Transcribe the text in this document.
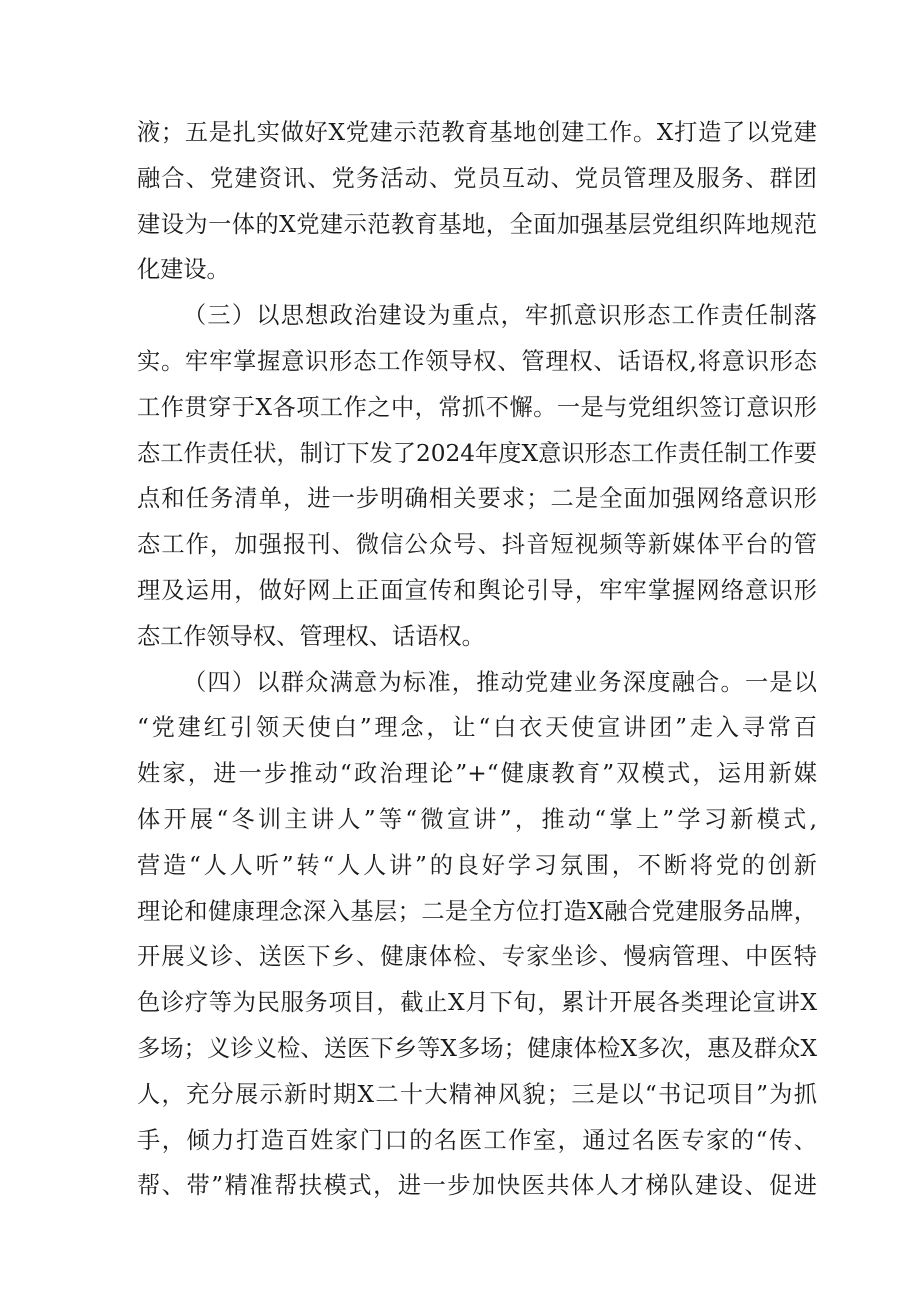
液；五是扎实做好X党建示范教育基地创建工作。X打造了以党建
融合、党建资讯、党务活动、党员互动、党员管理及服务、群团
建设为一体的X党建示范教育基地，全面加强基层党组织阵地规范
化建设。
（三）以思想政治建设为重点，牢抓意识形态工作责任制落
实。牢牢掌握意识形态工作领导权、管理权、话语权,将意识形态
工作贯穿于X各项工作之中，常抓不懈。一是与党组织签订意识形
态工作责任状，制订下发了2024年度X意识形态工作责任制工作要
点和任务清单，进一步明确相关要求；二是全面加强网络意识形
态工作，加强报刊、微信公众号、抖音短视频等新媒体平台的管
理及运用，做好网上正面宣传和舆论引导，牢牢掌握网络意识形
态工作领导权、管理权、话语权。
（四）以群众满意为标准，推动党建业务深度融合。一是以
“党建红引领天使白”理念，让“白衣天使宣讲团”走入寻常百
姓家，进一步推动“政治理论”+“健康教育”双模式，运用新媒
体开展“冬训主讲人”等“微宣讲”，推动“掌上”学习新模式,
营造“人人听”转“人人讲”的良好学习氛围，不断将党的创新
理论和健康理念深入基层；二是全方位打造X融合党建服务品牌，
开展义诊、送医下乡、健康体检、专家坐诊、慢病管理、中医特
色诊疗等为民服务项目，截止X月下旬，累计开展各类理论宣讲X
多场；义诊义检、送医下乡等X多场；健康体检X多次，惠及群众X
人，充分展示新时期X二十大精神风貌；三是以“书记项目”为抓
手，倾力打造百姓家门口的名医工作室，通过名医专家的“传、
帮、带”精准帮扶模式，进一步加快医共体人才梯队建设、促进
